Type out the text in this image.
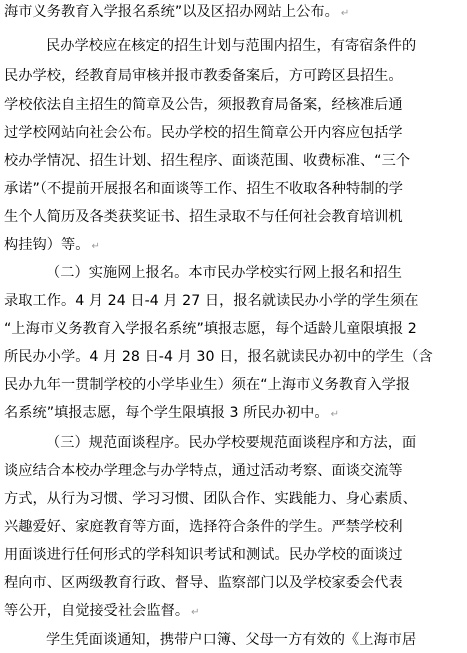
海市义务教育入学报名系统”以及区招办网站上公布。 ↵
民办学校应在核定的招生计划与范围内招生，有寄宿条件的
民办学校，经教育局审核并报市教委备案后，方可跨区县招生。
学校依法自主招生的简章及公告，须报教育局备案，经核准后通
过学校网站向社会公布。民办学校的招生简章公开内容应包括学
校办学情况、招生计划、招生程序、面谈范围、收费标准、“三个
承诺”（不提前开展报名和面谈等工作、招生不收取各种特制的学
生个人简历及各类获奖证书、招生录取不与任何社会教育培训机
构挂钩）等。 ↵
（二）实施网上报名。本市民办学校实行网上报名和招生
录取工作。4 月 24 日-4 月 27 日，报名就读民办小学的学生须在
“上海市义务教育入学报名系统”填报志愿，每个适龄儿童限填报 2
所民办小学。4 月 28 日-4 月 30 日，报名就读民办初中的学生（含
民办九年一贯制学校的小学毕业生）须在“上海市义务教育入学报
名系统”填报志愿，每个学生限填报 3 所民办初中。 ↵
（三）规范面谈程序。民办学校要规范面谈程序和方法，面
谈应结合本校办学理念与办学特点，通过活动考察、面谈交流等
方式，从行为习惯、学习习惯、团队合作、实践能力、身心素质、
兴趣爱好、家庭教育等方面，选择符合条件的学生。严禁学校利
用面谈进行任何形式的学科知识考试和测试。民办学校的面谈过
程向市、区两级教育行政、督导、监察部门以及学校家委会代表
等公开，自觉接受社会监督。 ↵
学生凭面谈通知，携带户口簿、父母一方有效的《上海市居
